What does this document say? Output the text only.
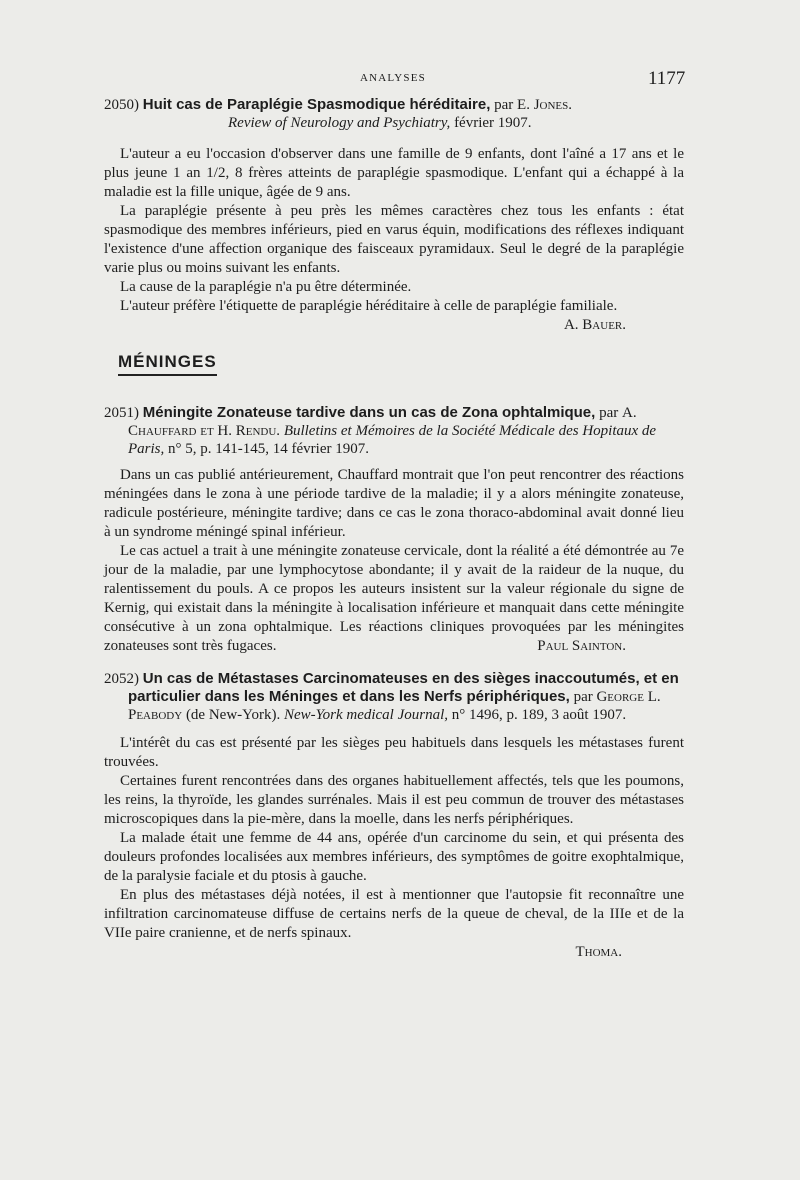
ANALYSES	1177

2050) Huit cas de Paraplégie Spasmodique héréditaire, par E. Jones.
Review of Neurology and Psychiatry, février 1907.

L'auteur a eu l'occasion d'observer dans une famille de 9 enfants, dont l'aîné a 17 ans et le plus jeune 1 an 1/2, 8 frères atteints de paraplégie spasmodique. L'enfant qui a échappé à la maladie est la fille unique, âgée de 9 ans.

La paraplégie présente à peu près les mêmes caractères chez tous les enfants : état spasmodique des membres inférieurs, pied en varus équin, modifications des réflexes indiquant l'existence d'une affection organique des faisceaux pyramidaux. Seul le degré de la paraplégie varie plus ou moins suivant les enfants.

La cause de la paraplégie n'a pu être déterminée.

L'auteur préfère l'étiquette de paraplégie héréditaire à celle de paraplégie familiale.
A. Bauer.

MÉNINGES

2051) Méningite Zonateuse tardive dans un cas de Zona ophtalmique, par A. Chauffard et H. Rendu. Bulletins et Mémoires de la Société Médicale des Hopitaux de Paris, n° 5, p. 141-145, 14 février 1907.

Dans un cas publié antérieurement, Chauffard montrait que l'on peut rencontrer des réactions méningées dans le zona à une période tardive de la maladie; il y a alors méningite zonateuse, radicule postérieure, méningite tardive; dans ce cas le zona thoraco-abdominal avait donné lieu à un syndrome méningé spinal inférieur.

Le cas actuel a trait à une méningite zonateuse cervicale, dont la réalité a été démontrée au 7e jour de la maladie, par une lymphocytose abondante; il y avait de la raideur de la nuque, du ralentissement du pouls. A ce propos les auteurs insistent sur la valeur régionale du signe de Kernig, qui existait dans la méningite à localisation inférieure et manquait dans cette méningite consécutive à un zona ophtalmique. Les réactions cliniques provoquées par les méningites zonateuses sont très fugaces.	Paul Sainton.

2052) Un cas de Métastases Carcinomateuses en des sièges inaccoutumés, et en particulier dans les Méninges et dans les Nerfs périphériques, par George L. Peabody (de New-York). New-York medical Journal, n° 1496, p. 189, 3 août 1907.

L'intérêt du cas est présenté par les sièges peu habituels dans lesquels les métastases furent trouvées.

Certaines furent rencontrées dans des organes habituellement affectés, tels que les poumons, les reins, la thyroïde, les glandes surrénales. Mais il est peu commun de trouver des métastases microscopiques dans la pie-mère, dans la moelle, dans les nerfs périphériques.

La malade était une femme de 44 ans, opérée d'un carcinome du sein, et qui présenta des douleurs profondes localisées aux membres inférieurs, des symptômes de goitre exophtalmique, de la paralysie faciale et du ptosis à gauche.

En plus des métastases déjà notées, il est à mentionner que l'autopsie fit reconnaître une infiltration carcinomateuse diffuse de certains nerfs de la queue de cheval, de la IIIe et de la VIIe paire cranienne, et de nerfs spinaux.

Thoma.
